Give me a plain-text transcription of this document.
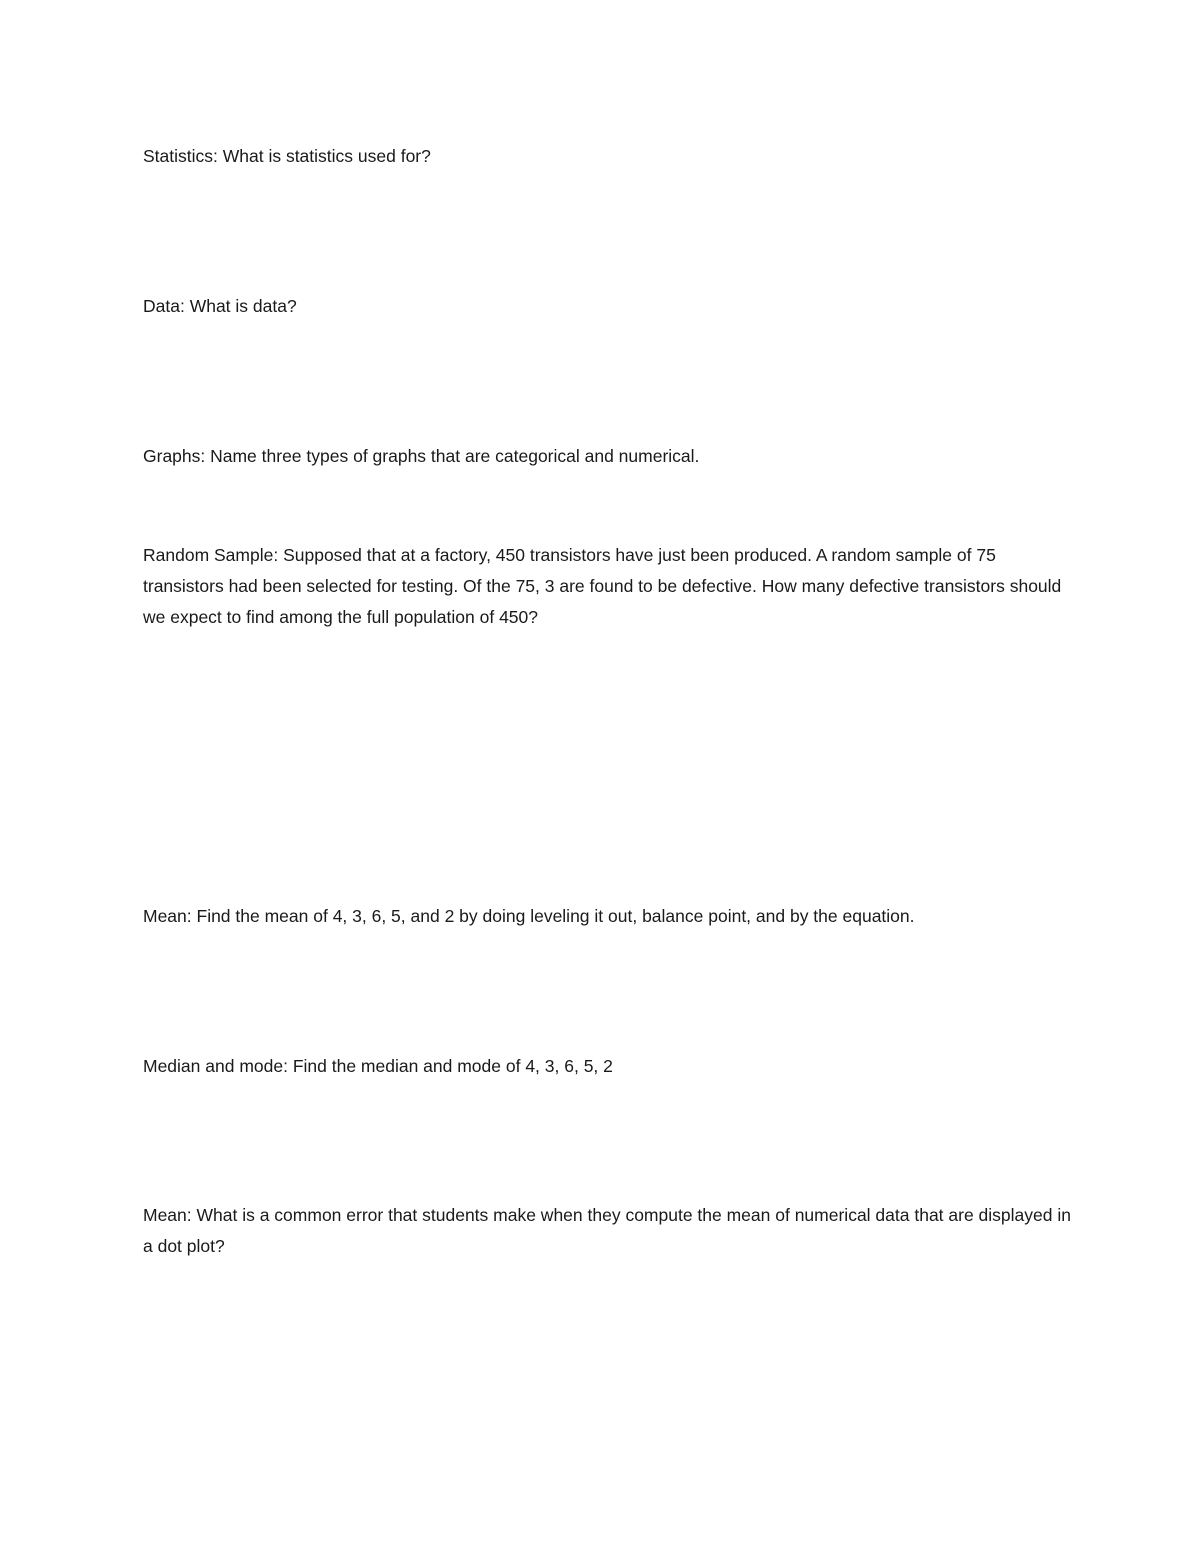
Statistics: What is statistics used for?

Data: What is data?

Graphs: Name three types of graphs that are categorical and numerical.

Random Sample: Supposed that at a factory, 450 transistors have just been produced. A random sample of 75 transistors had been selected for testing. Of the 75, 3 are found to be defective. How many defective transistors should we expect to find among the full population of 450?

Mean: Find the mean of 4, 3, 6, 5, and 2 by doing leveling it out, balance point, and by the equation.

Median and mode: Find the median and mode of 4, 3, 6, 5, 2

Mean: What is a common error that students make when they compute the mean of numerical data that are displayed in a dot plot?
